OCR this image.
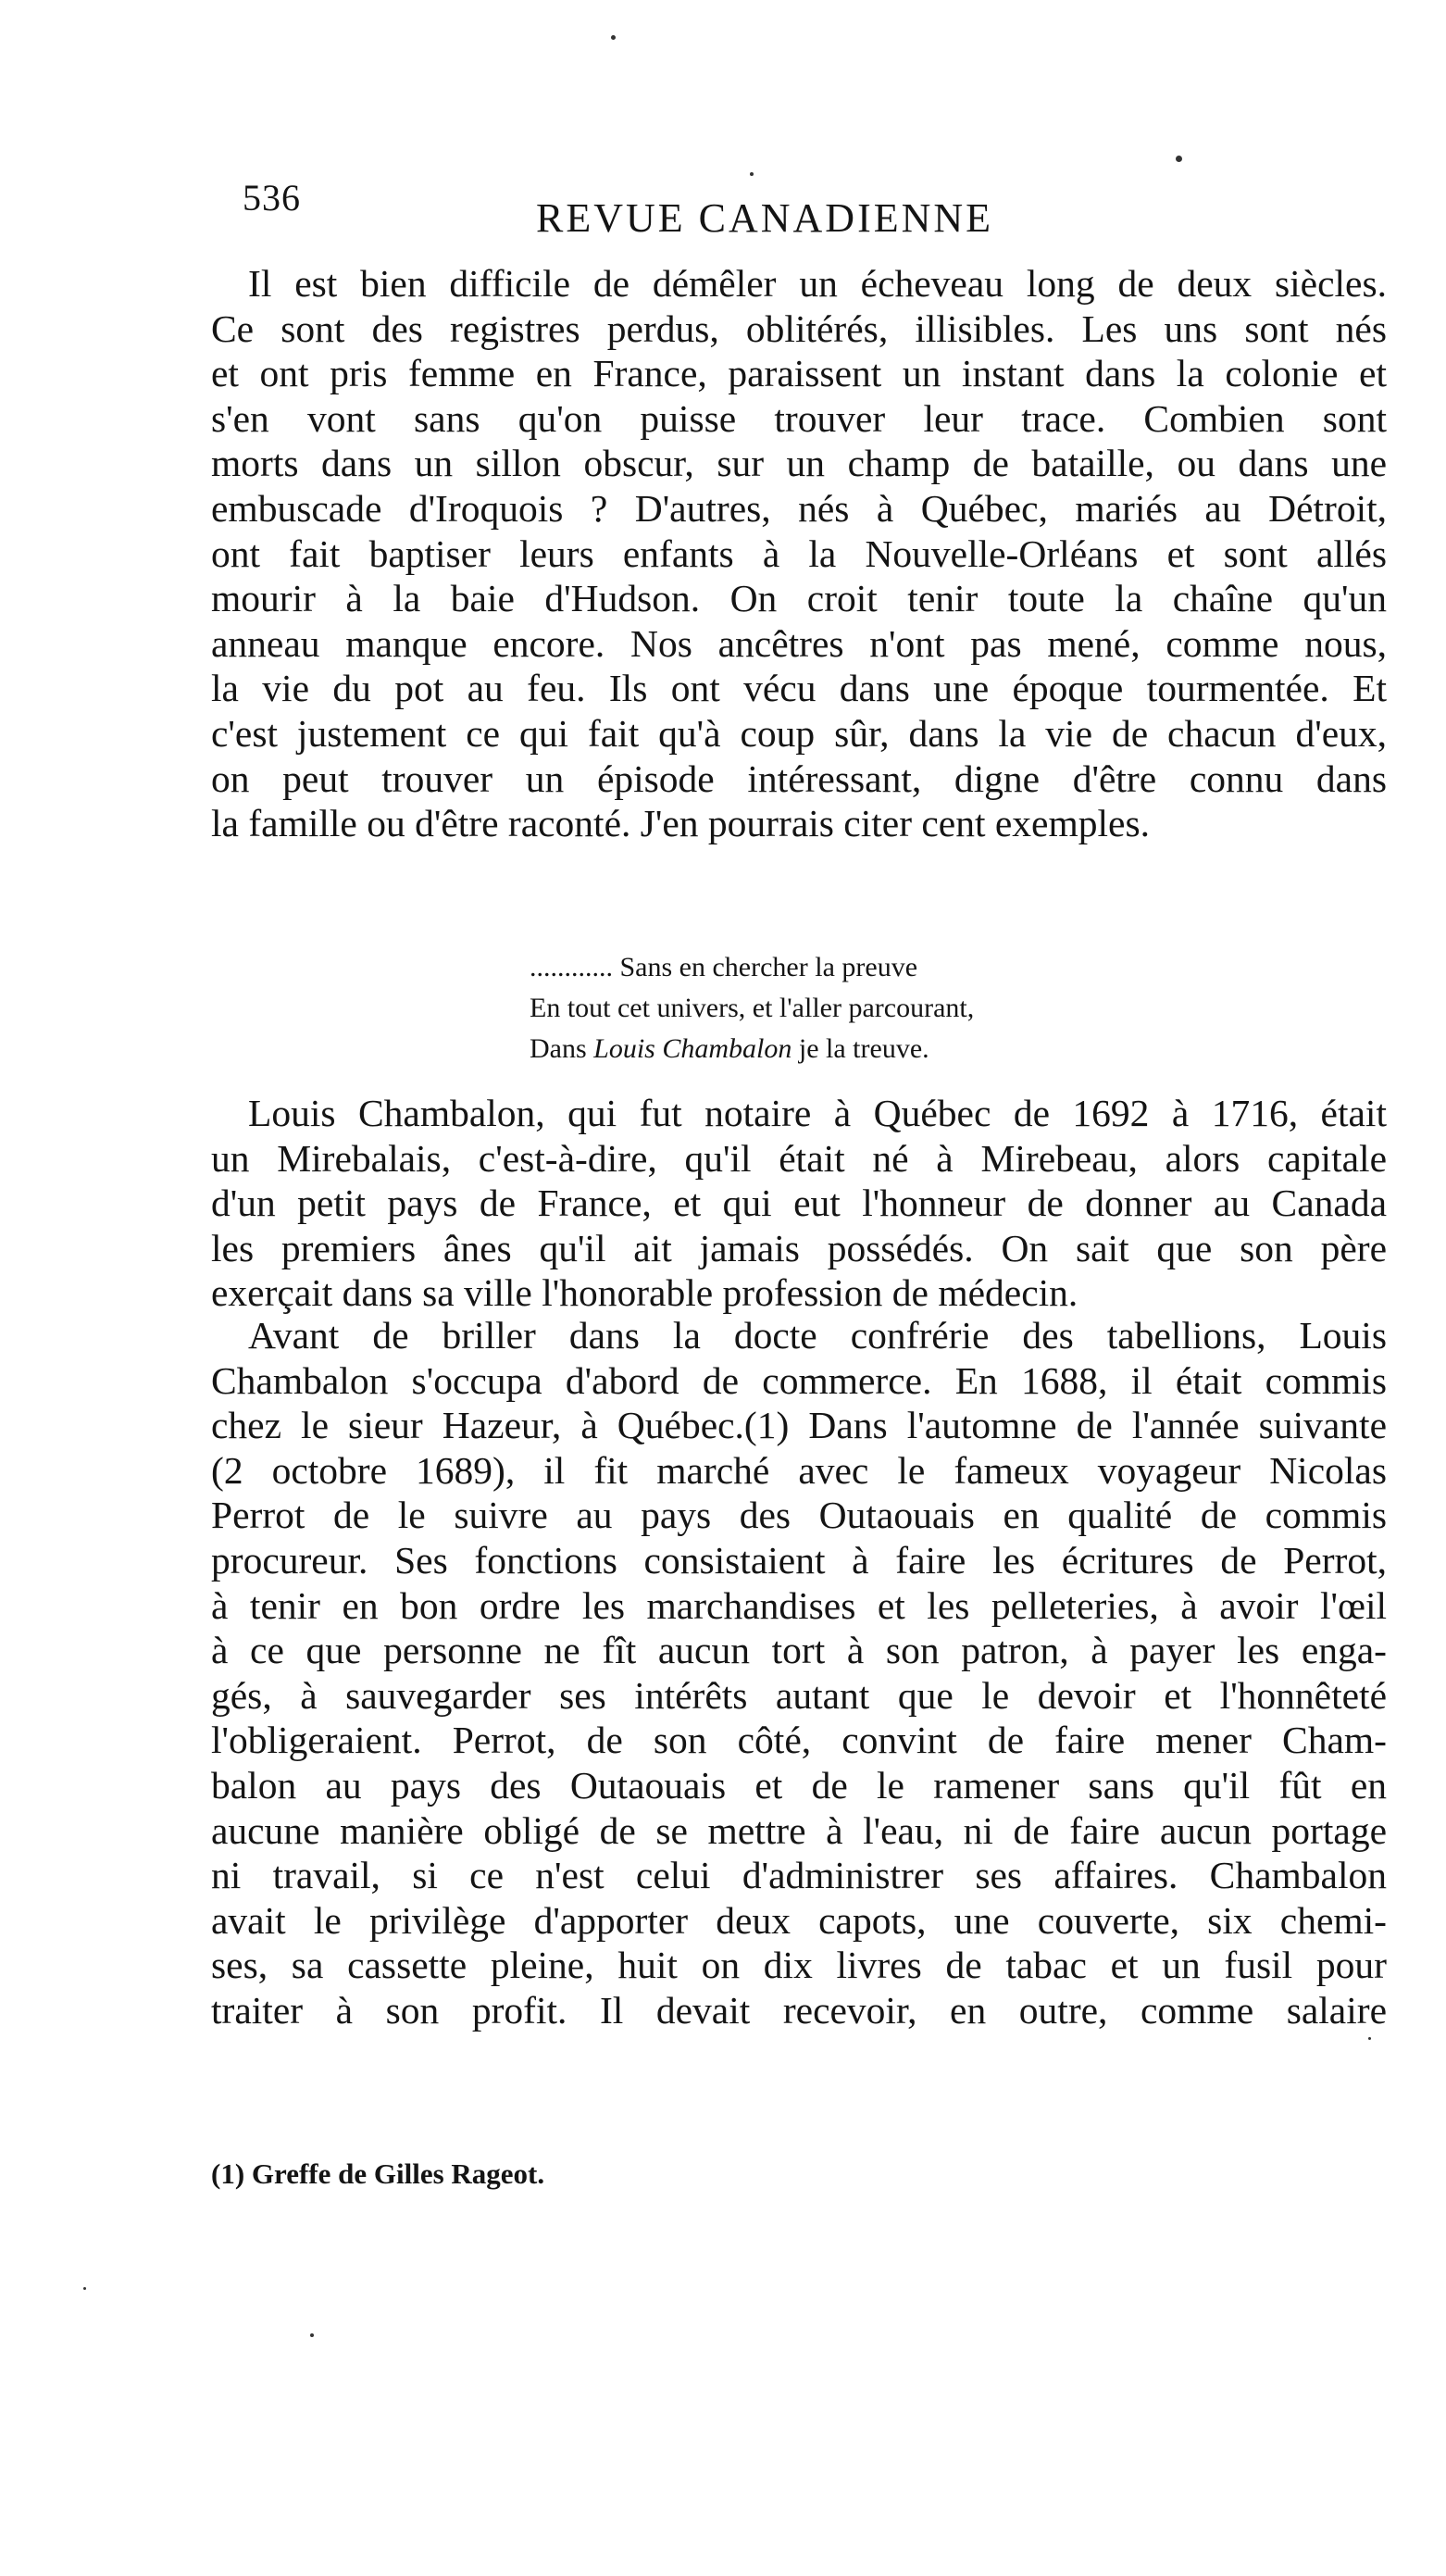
536	REVUE CANADIENNE
Il est bien difficile de démêler un écheveau long de deux siècles.
Ce sont des registres perdus, oblitérés, illisibles. Les uns sont nés
et ont pris femme en France, paraissent un instant dans la colonie et
s'en vont sans qu'on puisse trouver leur trace. Combien sont
morts dans un sillon obscur, sur un champ de bataille, ou dans une
embuscade d'Iroquois ? D'autres, nés à Québec, mariés au Détroit,
ont fait baptiser leurs enfants à la Nouvelle-Orléans et sont allés
mourir à la baie d'Hudson. On croit tenir toute la chaîne qu'un
anneau manque encore. Nos ancêtres n'ont pas mené, comme nous,
la vie du pot au feu. Ils ont vécu dans une époque tourmentée. Et
c'est justement ce qui fait qu'à coup sûr, dans la vie de chacun d'eux,
on peut trouver un épisode intéressant, digne d'être connu dans
la famille ou d'être raconté. J'en pourrais citer cent exemples.
............ Sans en chercher la preuve
En tout cet univers, et l'aller parcourant,
Dans Louis Chambalon je la treuve.
Louis Chambalon, qui fut notaire à Québec de 1692 à 1716, était
un Mirebalais, c'est-à-dire, qu'il était né à Mirebeau, alors capitale
d'un petit pays de France, et qui eut l'honneur de donner au Canada
les premiers ânes qu'il ait jamais possédés. On sait que son père
exerçait dans sa ville l'honorable profession de médecin.
Avant de briller dans la docte confrérie des tabellions, Louis
Chambalon s'occupa d'abord de commerce. En 1688, il était commis
chez le sieur Hazeur, à Québec.(1) Dans l'automne de l'année suivante
(2 octobre 1689), il fit marché avec le fameux voyageur Nicolas
Perrot de le suivre au pays des Outaouais en qualité de commis
procureur. Ses fonctions consistaient à faire les écritures de Perrot,
à tenir en bon ordre les marchandises et les pelleteries, à avoir l'œil
à ce que personne ne fît aucun tort à son patron, à payer les enga-
gés, à sauvegarder ses intérêts autant que le devoir et l'honnêteté
l'obligeraient. Perrot, de son côté, convint de faire mener Cham-
balon au pays des Outaouais et de le ramener sans qu'il fût en
aucune manière obligé de se mettre à l'eau, ni de faire aucun portage
ni travail, si ce n'est celui d'administrer ses affaires. Chambalon
avait le privilège d'apporter deux capots, une couverte, six chemi-
ses, sa cassette pleine, huit on dix livres de tabac et un fusil pour
traiter à son profit. Il devait recevoir, en outre, comme salaire
(1) Greffe de Gilles Rageot.
